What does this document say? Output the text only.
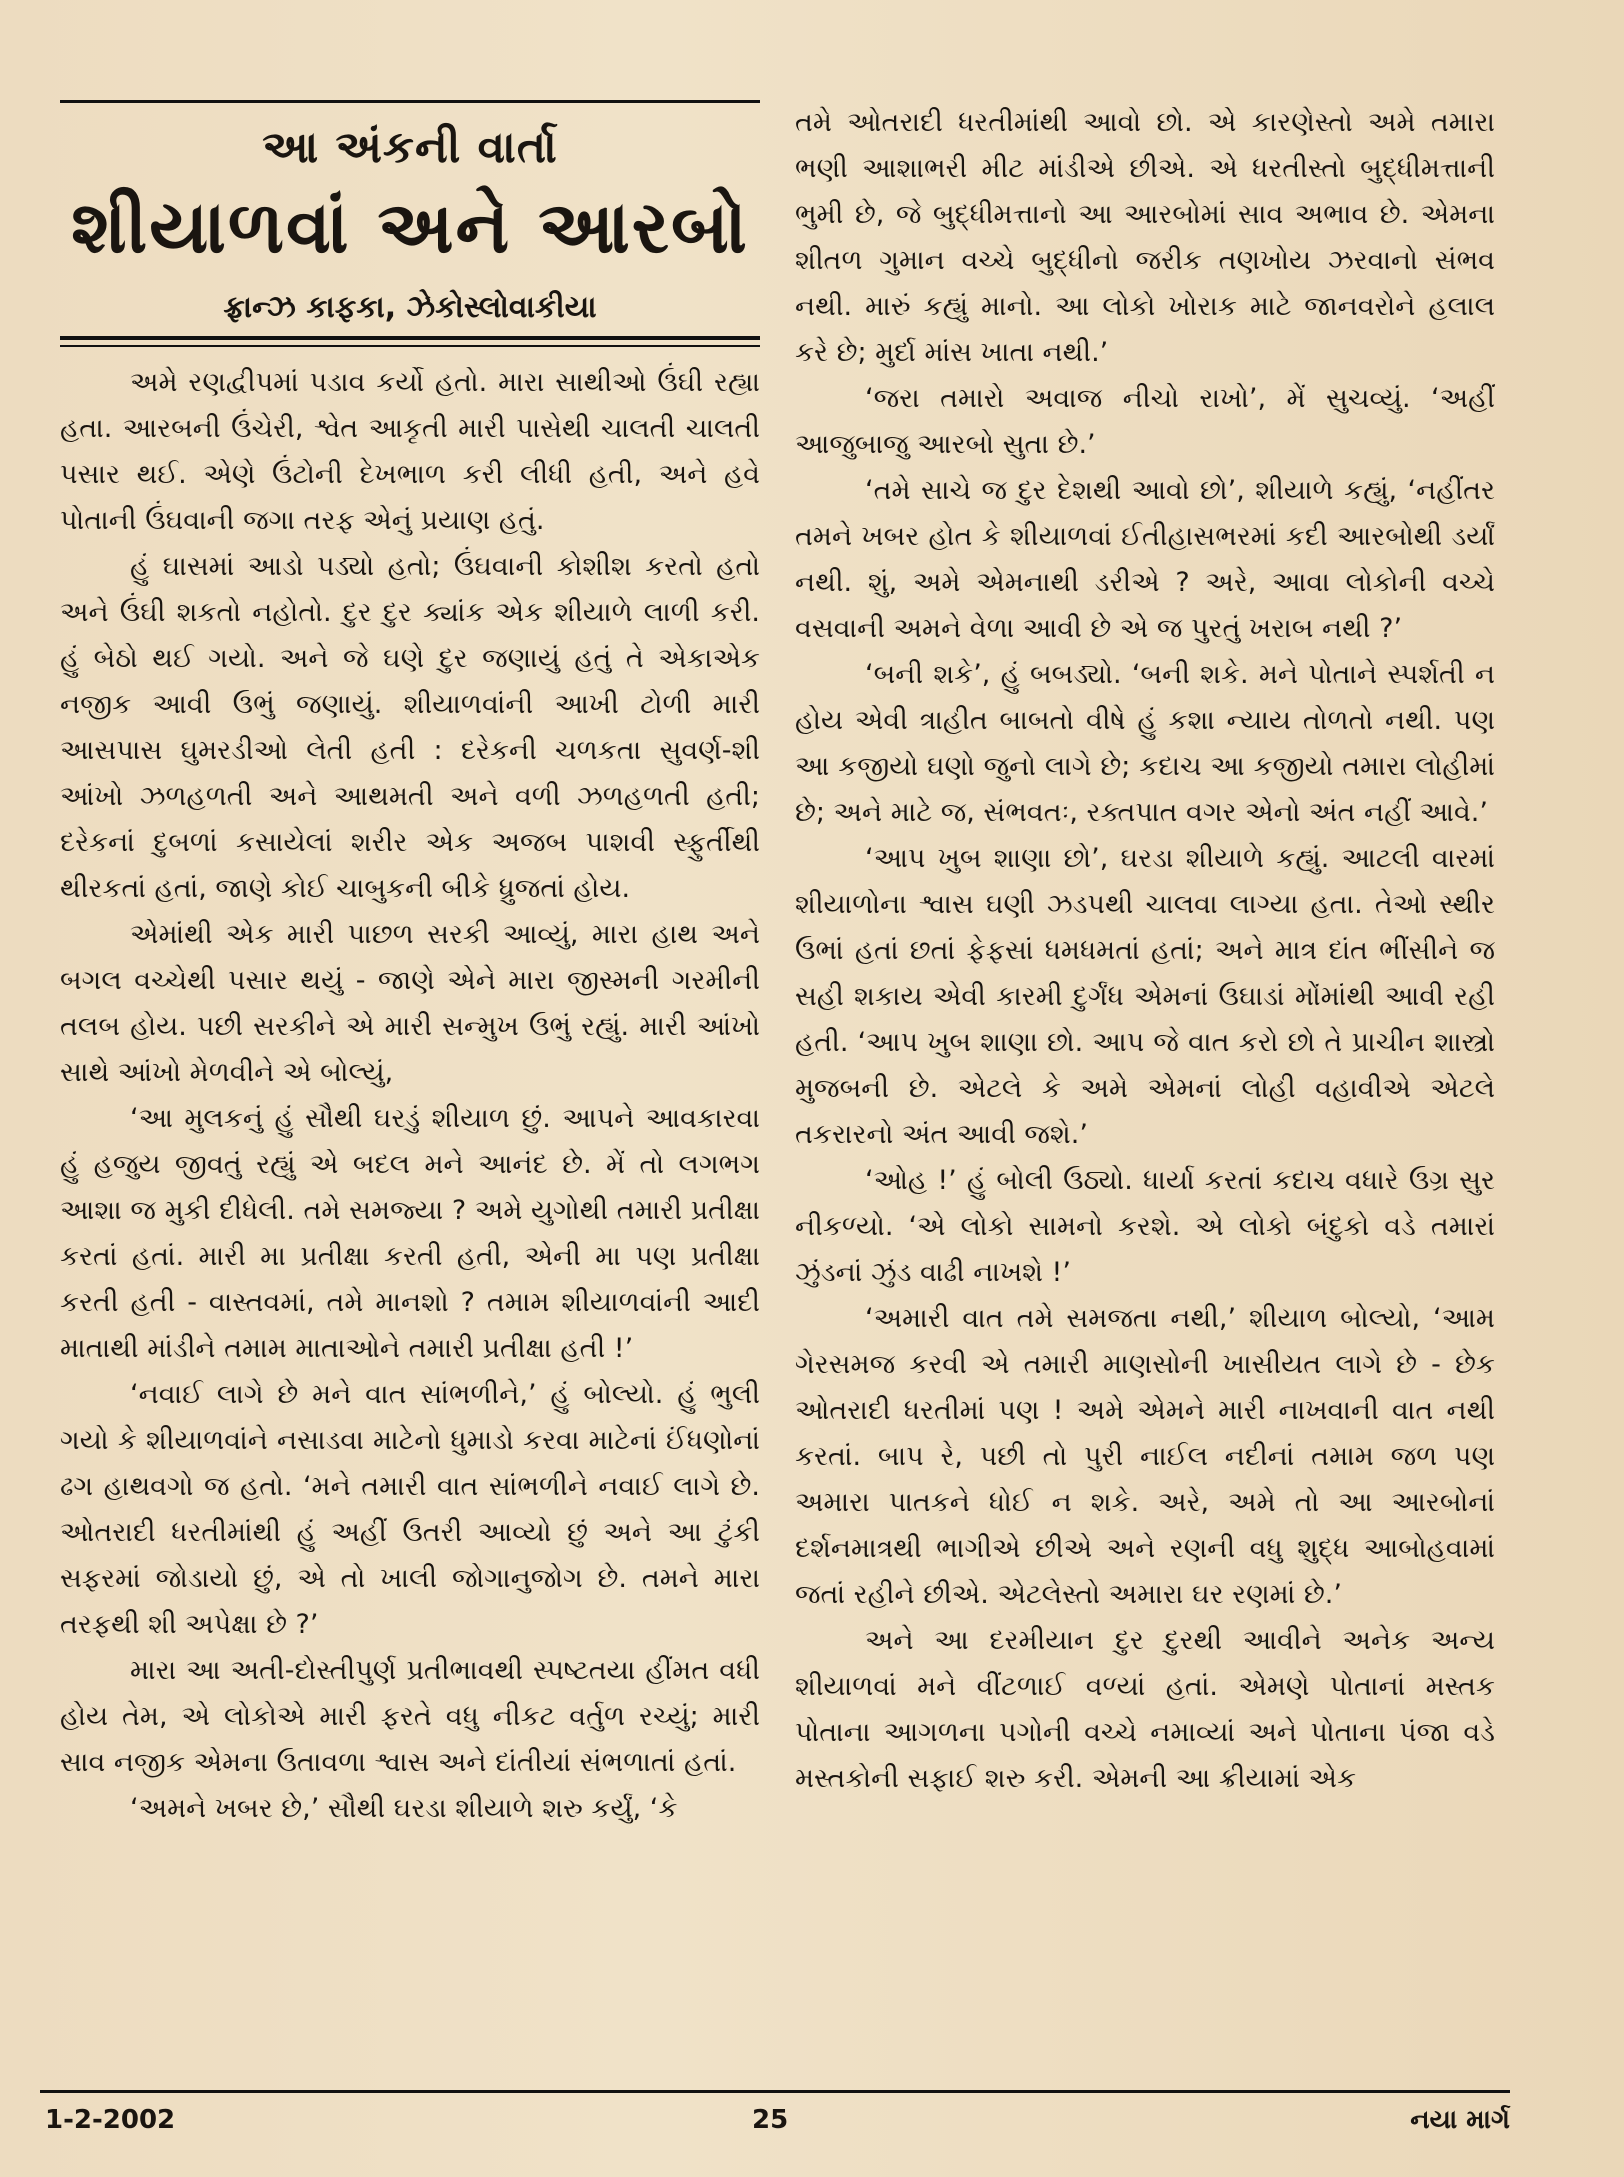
આ અંકની વાર્તા
શીયાળવાં અને આરબો
ફ્રાન્ઝ કાફકા, ઝેકોસ્લોવાકીયા

અમે રણદ્વીપમાં પડાવ કર્યો હતો. મારા સાથીઓ ઉંઘી રહ્યા હતા. આરબની ઉંચેરી, શ્વેત આકૃતી મારી પાસેથી ચાલતી ચાલતી પસાર થઈ. એણે ઉંટોની દેખભાળ કરી લીધી હતી, અને હવે પોતાની ઉંઘવાની જગા તરફ એનું પ્રયાણ હતું.

હું ઘાસમાં આડો પડ્યો હતો; ઉંઘવાની કોશીશ કરતો હતો અને ઉંઘી શકતો નહોતો. દુર દુર ક્યાંક એક શીયાળે લાળી કરી. હું બેઠો થઈ ગયો. અને જે ઘણે દુર જણાયું હતું તે એકાએક નજીક આવી ઉભું જણાયું. શીયાળવાંની આખી ટોળી મારી આસપાસ ઘુમરડીઓ લેતી હતી : દરેકની ચળકતા સુવર્ણ-શી આંખો ઝળહળતી અને આથમતી અને વળી ઝળહળતી હતી; દરેકનાં દુબળાં કસાયેલાં શરીર એક અજબ પાશવી સ્ફુર્તીથી થીરકતાં હતાં, જાણે કોઈ ચાબુકની બીકે ધ્રુજતાં હોય.

એમાંથી એક મારી પાછળ સરકી આવ્યું, મારા હાથ અને બગલ વચ્ચેથી પસાર થયું - જાણે એને મારા જીસ્મની ગરમીની તલબ હોય. પછી સરકીને એ મારી સન્મુખ ઉભું રહ્યું. મારી આંખો સાથે આંખો મેળવીને એ બોલ્યું,

‘આ મુલકનું હું સૌથી ઘરડું શીયાળ છું. આપને આવકારવા હું હજુય જીવતું રહ્યું એ બદલ મને આનંદ છે. મેં તો લગભગ આશા જ મુકી દીધેલી. તમે સમજ્યા ? અમે યુગોથી તમારી પ્રતીક્ષા કરતાં હતાં. મારી મા પ્રતીક્ષા કરતી હતી, એની મા પણ પ્રતીક્ષા કરતી હતી - વાસ્તવમાં, તમે માનશો ? તમામ શીયાળવાંની આદી માતાથી માંડીને તમામ માતાઓને તમારી પ્રતીક્ષા હતી !’

‘નવાઈ લાગે છે મને વાત સાંભળીને,’ હું બોલ્યો. હું ભુલી ગયો કે શીયાળવાંને નસાડવા માટેનો ધુમાડો કરવા માટેનાં ઈંધણોનાં ઢગ હાથવગો જ હતો. ‘મને તમારી વાત સાંભળીને નવાઈ લાગે છે. ઓતરાદી ધરતીમાંથી હું અહીં ઉતરી આવ્યો છું અને આ ટુંકી સફરમાં જોડાયો છું, એ તો ખાલી જોગાનુજોગ છે. તમને મારા તરફથી શી અપેક્ષા છે ?’

મારા આ અતી-દોસ્તીપુર્ણ પ્રતીભાવથી સ્પષ્ટતયા હીંમત વધી હોય તેમ, એ લોકોએ મારી ફરતે વધુ નીકટ વર્તુળ રચ્યું; મારી સાવ નજીક એમના ઉતાવળા શ્વાસ અને દાંતીયાં સંભળાતાં હતાં.

‘અમને ખબર છે,’ સૌથી ઘરડા શીયાળે શરુ કર્યું, ‘કે

તમે ઓતરાદી ધરતીમાંથી આવો છો. એ કારણેસ્તો અમે તમારા ભણી આશાભરી મીટ માંડીએ છીએ. એ ધરતીસ્તો બુદ્ધીમત્તાની ભુમી છે, જે બુદ્ધીમત્તાનો આ આરબોમાં સાવ અભાવ છે. એમના શીતળ ગુમાન વચ્ચે બુદ્ધીનો જરીક તણખોય ઝરવાનો સંભવ નથી. મારું કહ્યું માનો. આ લોકો ખોરાક માટે જાનવરોને હલાલ કરે છે; મુર્દા માંસ ખાતા નથી.’

‘જરા તમારો અવાજ નીચો રાખો’, મેં સુચવ્યું. ‘અહીં આજુબાજુ આરબો સુતા છે.’

‘તમે સાચે જ દુર દેશથી આવો છો’, શીયાળે કહ્યું, ‘નહીંતર તમને ખબર હોત કે શીયાળવાં ઈતીહાસભરમાં કદી આરબોથી ડર્યાં નથી. શું, અમે એમનાથી ડરીએ ? અરે, આવા લોકોની વચ્ચે વસવાની અમને વેળા આવી છે એ જ પુરતું ખરાબ નથી ?’

‘બની શકે’, હું બબડ્યો. ‘બની શકે. મને પોતાને સ્પર્શતી ન હોય એવી ત્રાહીત બાબતો વીષે હું કશા ન્યાય તોળતો નથી. પણ આ કજીયો ઘણો જુનો લાગે છે; કદાચ આ કજીયો તમારા લોહીમાં છે; અને માટે જ, સંભવતઃ, રક્તપાત વગર એનો અંત નહીં આવે.’

‘આપ ખુબ શાણા છો’, ઘરડા શીયાળે કહ્યું. આટલી વારમાં શીયાળોના શ્વાસ ઘણી ઝડપથી ચાલવા લાગ્યા હતા. તેઓ સ્થીર ઉભાં હતાં છતાં ફેફસાં ધમધમતાં હતાં; અને માત્ર દાંત ભીંસીને જ સહી શકાય એવી કારમી દુર્ગંધ એમનાં ઉઘાડાં મોંમાંથી આવી રહી હતી. ‘આપ ખુબ શાણા છો. આપ જે વાત કરો છો તે પ્રાચીન શાસ્ત્રો મુજબની છે. એટલે કે અમે એમનાં લોહી વહાવીએ એટલે તકરારનો અંત આવી જશે.’

‘ઓહ !’ હું બોલી ઉઠ્યો. ધાર્યા કરતાં કદાચ વધારે ઉગ્ર સુર નીકળ્યો. ‘એ લોકો સામનો કરશે. એ લોકો બંદુકો વડે તમારાં ઝુંડનાં ઝુંડ વાઢી નાખશે !’

‘અમારી વાત તમે સમજતા નથી,’ શીયાળ બોલ્યો, ‘આમ ગેરસમજ કરવી એ તમારી માણસોની ખાસીયત લાગે છે - છેક ઓતરાદી ધરતીમાં પણ ! અમે એમને મારી નાખવાની વાત નથી કરતાં. બાપ રે, પછી તો પુરી નાઈલ નદીનાં તમામ જળ પણ અમારા પાતકને ધોઈ ન શકે. અરે, અમે તો આ આરબોનાં દર્શનમાત્રથી ભાગીએ છીએ અને રણની વધુ શુદ્ધ આબોહવામાં જતાં રહીને છીએ. એટલેસ્તો અમારા ઘર રણમાં છે.’

અને આ દરમીયાન દુર દુરથી આવીને અનેક અન્ય શીયાળવાં મને વીંટળાઈ વળ્યાં હતાં. એમણે પોતાનાં મસ્તક પોતાના આગળના પગોની વચ્ચે નમાવ્યાં અને પોતાના પંજા વડે મસ્તકોની સફાઈ શરુ કરી. એમની આ ક્રીયામાં એક

1-2-2002	25	નયા માર્ગ
